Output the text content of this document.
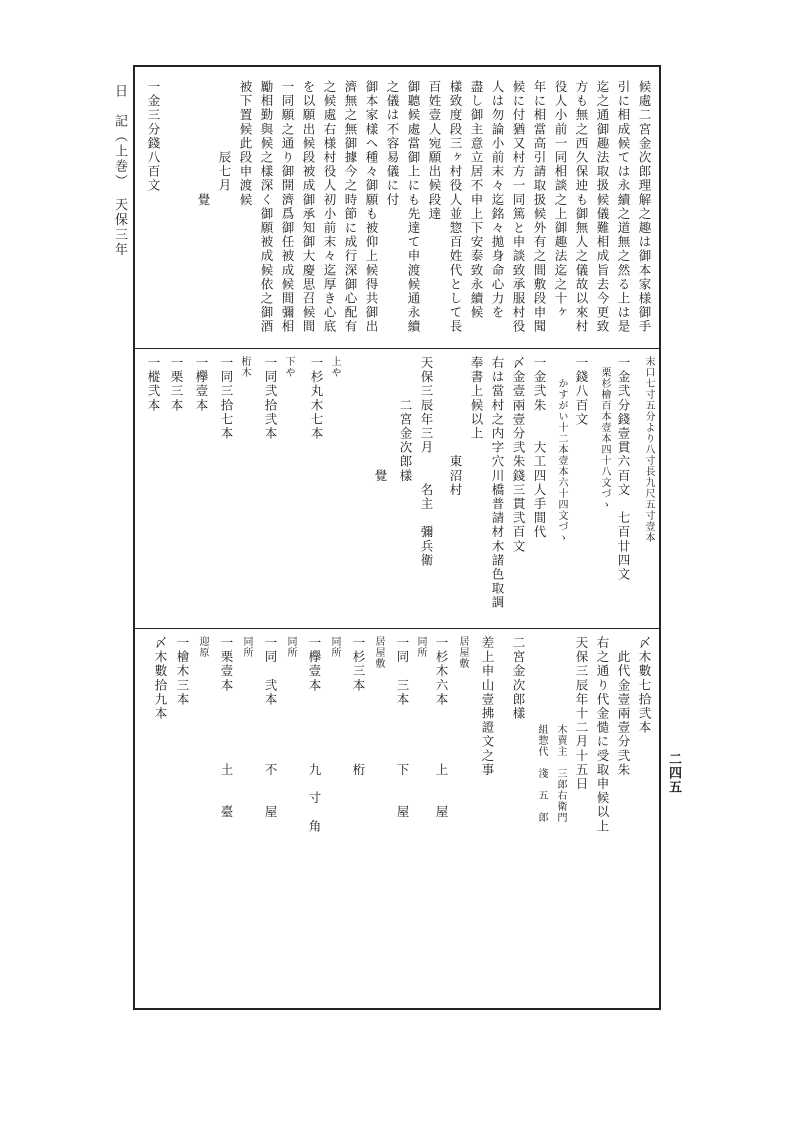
日　記（上巻）　天保三年
二四五
候處二宮金次郎理解之趣は御本家様御手
引に相成候ては永續之道無之然る上は是
迄之通御趣法取扱候儀難相成旨去今更致
方も無之西久保迚も御無人之儀故以來村
役人小前一同相談之上御趣法迄之十ヶ
年に相當高引請取扱候外有之間敷段申聞
候に付猶又村方一同篤と申談致承服村役
人は勿論小前末々迄銘々拋身命心力を
盡し御主意立居不申上下安泰致永續候
樣致度段三ヶ村役人並惣百姓代として長
百姓壹人宛願出候段達
御聽候處當御上にも先達て申渡候通永續
之儀は不容易儀に付
御本家樣へ種々御願も被仰上候得共御出
濟無之無御據今之時節に成行深御心配有
之候處右様村役人初小前末々迄厚き心底
を以願出候段被成御承知御大慶思召候間
一同願之通り御開濟爲御任被成候間彌相
勵相勤與候之樣深く御願被成候依之御酒
被下置候此段申渡候
　　　　　辰七月
　　　　　　　　覺
一金三分錢八百文
末口七寸五分より八寸長九尺五寸壹本
一金弐分錢壹貫六百文　七百廿四文
　栗杉檜百本壹本四十八文づゝ
一錢八百文
　　かすがい十二本壹本六十四文づゝ
一金弐朱　　大工四人手間代
〆金壹兩壹分弐朱錢三貫弐百文
右は當村之内字穴川橋普請材木諸色取調
奉書上候以上
　　　　　　　東沼村
天保三辰年三月　　名主　彌兵衛
　　　二宮金次郎樣
　　　　　　　　覺
上や
一杉丸木七本
下や
一同弐拾弐本
桁木
一同三拾七本
一欅壹本
一栗三本
一樅弐本
〆木數七拾弐本
　此代金壹兩壹分弐朱
右之通り代金慥に受取申候以上
天保三辰年十二月十五日
　　　　　　　　木賣主　三郎右衛門
　　　　　　　　組惣代　淺　五　郎
二宮金次郎樣
差上申山壹拂證文之事
居屋敷
一杉木六本　　　　上　　屋
同所
一同　三本　　　　下　　屋
居屋敷
一杉三本　　　　　桁
同所
一欅壹本　　　　　九　寸　角
同所
一同　弐本　　　　不　　屋
同所
一栗壹本　　　　　土　　臺
迎原
一檜木三本
〆木數拾九本
